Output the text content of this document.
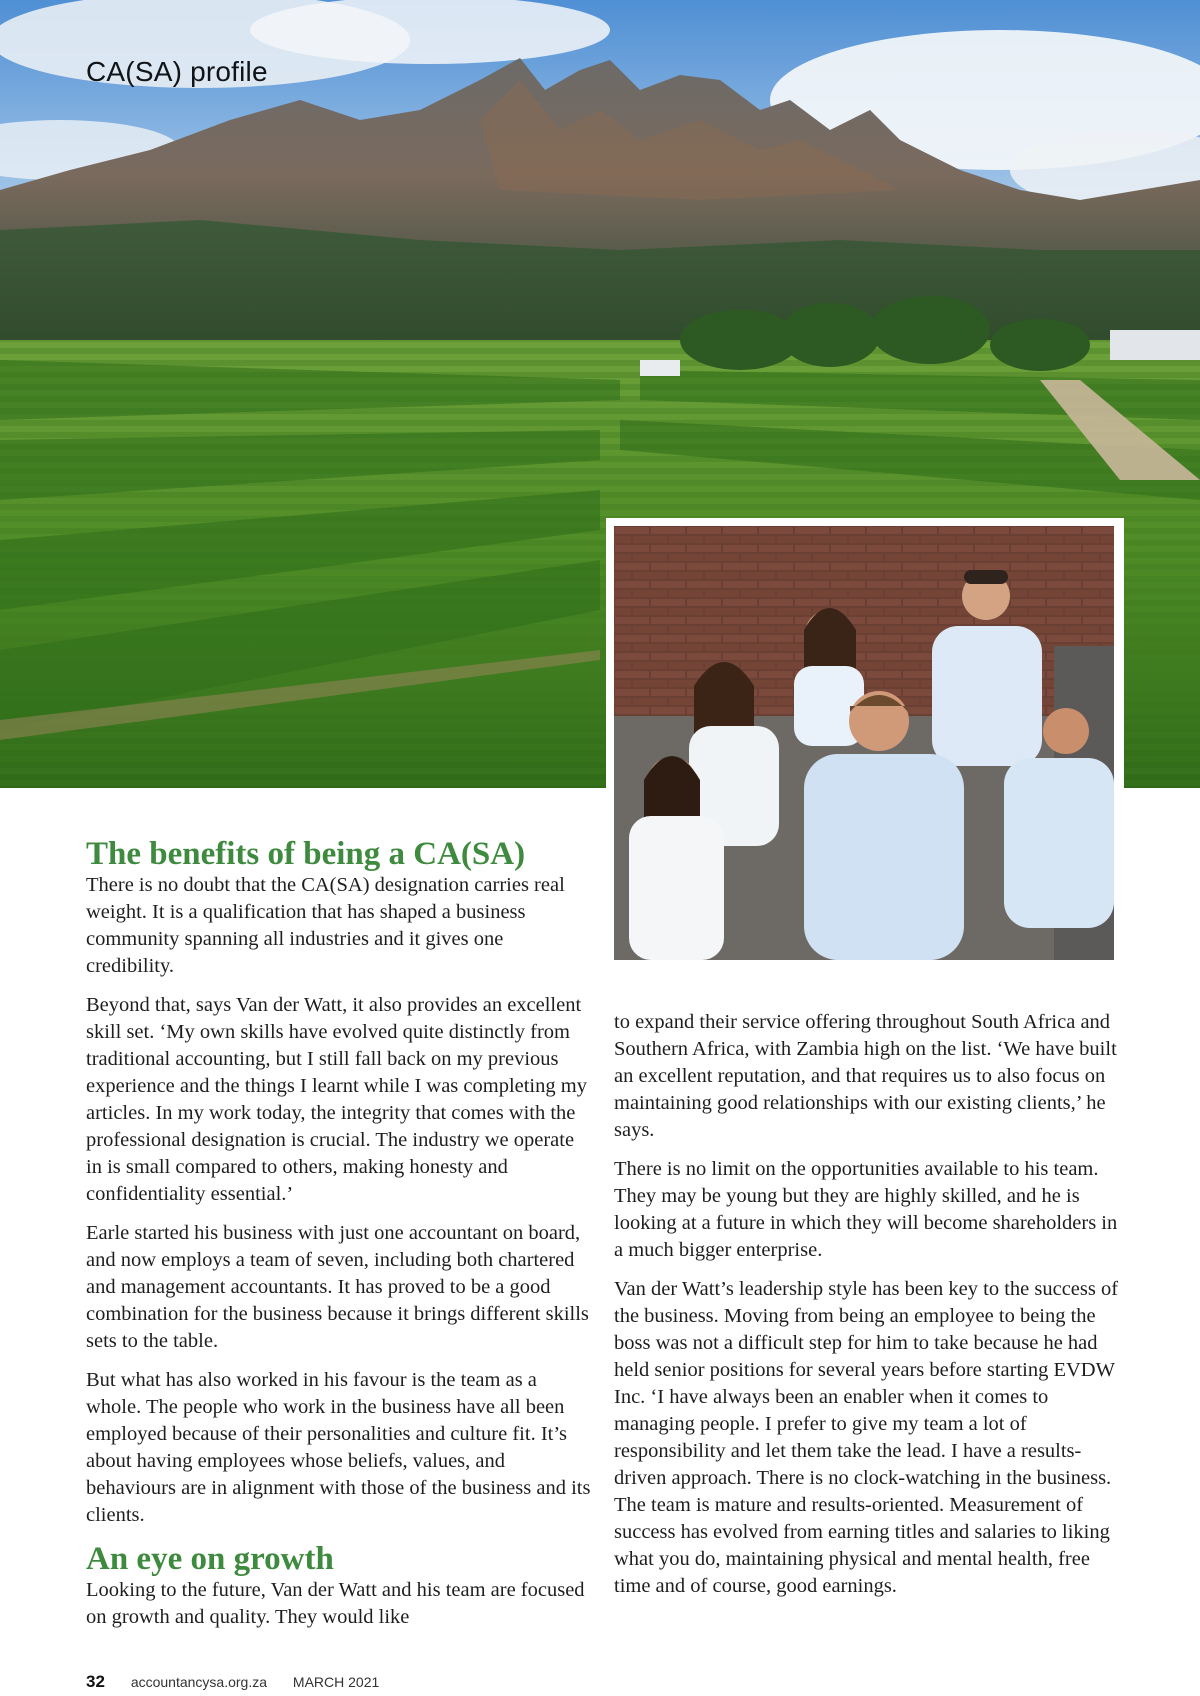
CA(SA) profile
The benefits of being a CA(SA)

There is no doubt that the CA(SA) designation carries real weight. It is a qualification that has shaped a business community spanning all industries and it gives one credibility.

Beyond that, says Van der Watt, it also provides an excellent skill set. ‘My own skills have evolved quite distinctly from traditional accounting, but I still fall back on my previous experience and the things I learnt while I was completing my articles. In my work today, the integrity that comes with the professional designation is crucial. The industry we operate in is small compared to others, making honesty and confidentiality essential.’

Earle started his business with just one accountant on board, and now employs a team of seven, including both chartered and management accountants. It has proved to be a good combination for the business because it brings different skills sets to the table.

But what has also worked in his favour is the team as a whole. The people who work in the business have all been employed because of their personalities and culture fit. It’s about having employees whose beliefs, values, and behaviours are in alignment with those of the business and its clients.

An eye on growth

Looking to the future, Van der Watt and his team are focused on growth and quality. They would like

to expand their service offering throughout South Africa and Southern Africa, with Zambia high on the list. ‘We have built an excellent reputation, and that requires us to also focus on maintaining good relationships with our existing clients,’ he says.

There is no limit on the opportunities available to his team. They may be young but they are highly skilled, and he is looking at a future in which they will become shareholders in a much bigger enterprise.

Van der Watt’s leadership style has been key to the success of the business. Moving from being an employee to being the boss was not a difficult step for him to take because he had held senior positions for several years before starting EVDW Inc. ‘I have always been an enabler when it comes to managing people. I prefer to give my team a lot of responsibility and let them take the lead. I have a results-driven approach. There is no clock-watching in the business. The team is mature and results-oriented. Measurement of success has evolved from earning titles and salaries to liking what you do, maintaining physical and mental health, free time and of course, good earnings.

32 accountancysa.org.za MARCH 2021
